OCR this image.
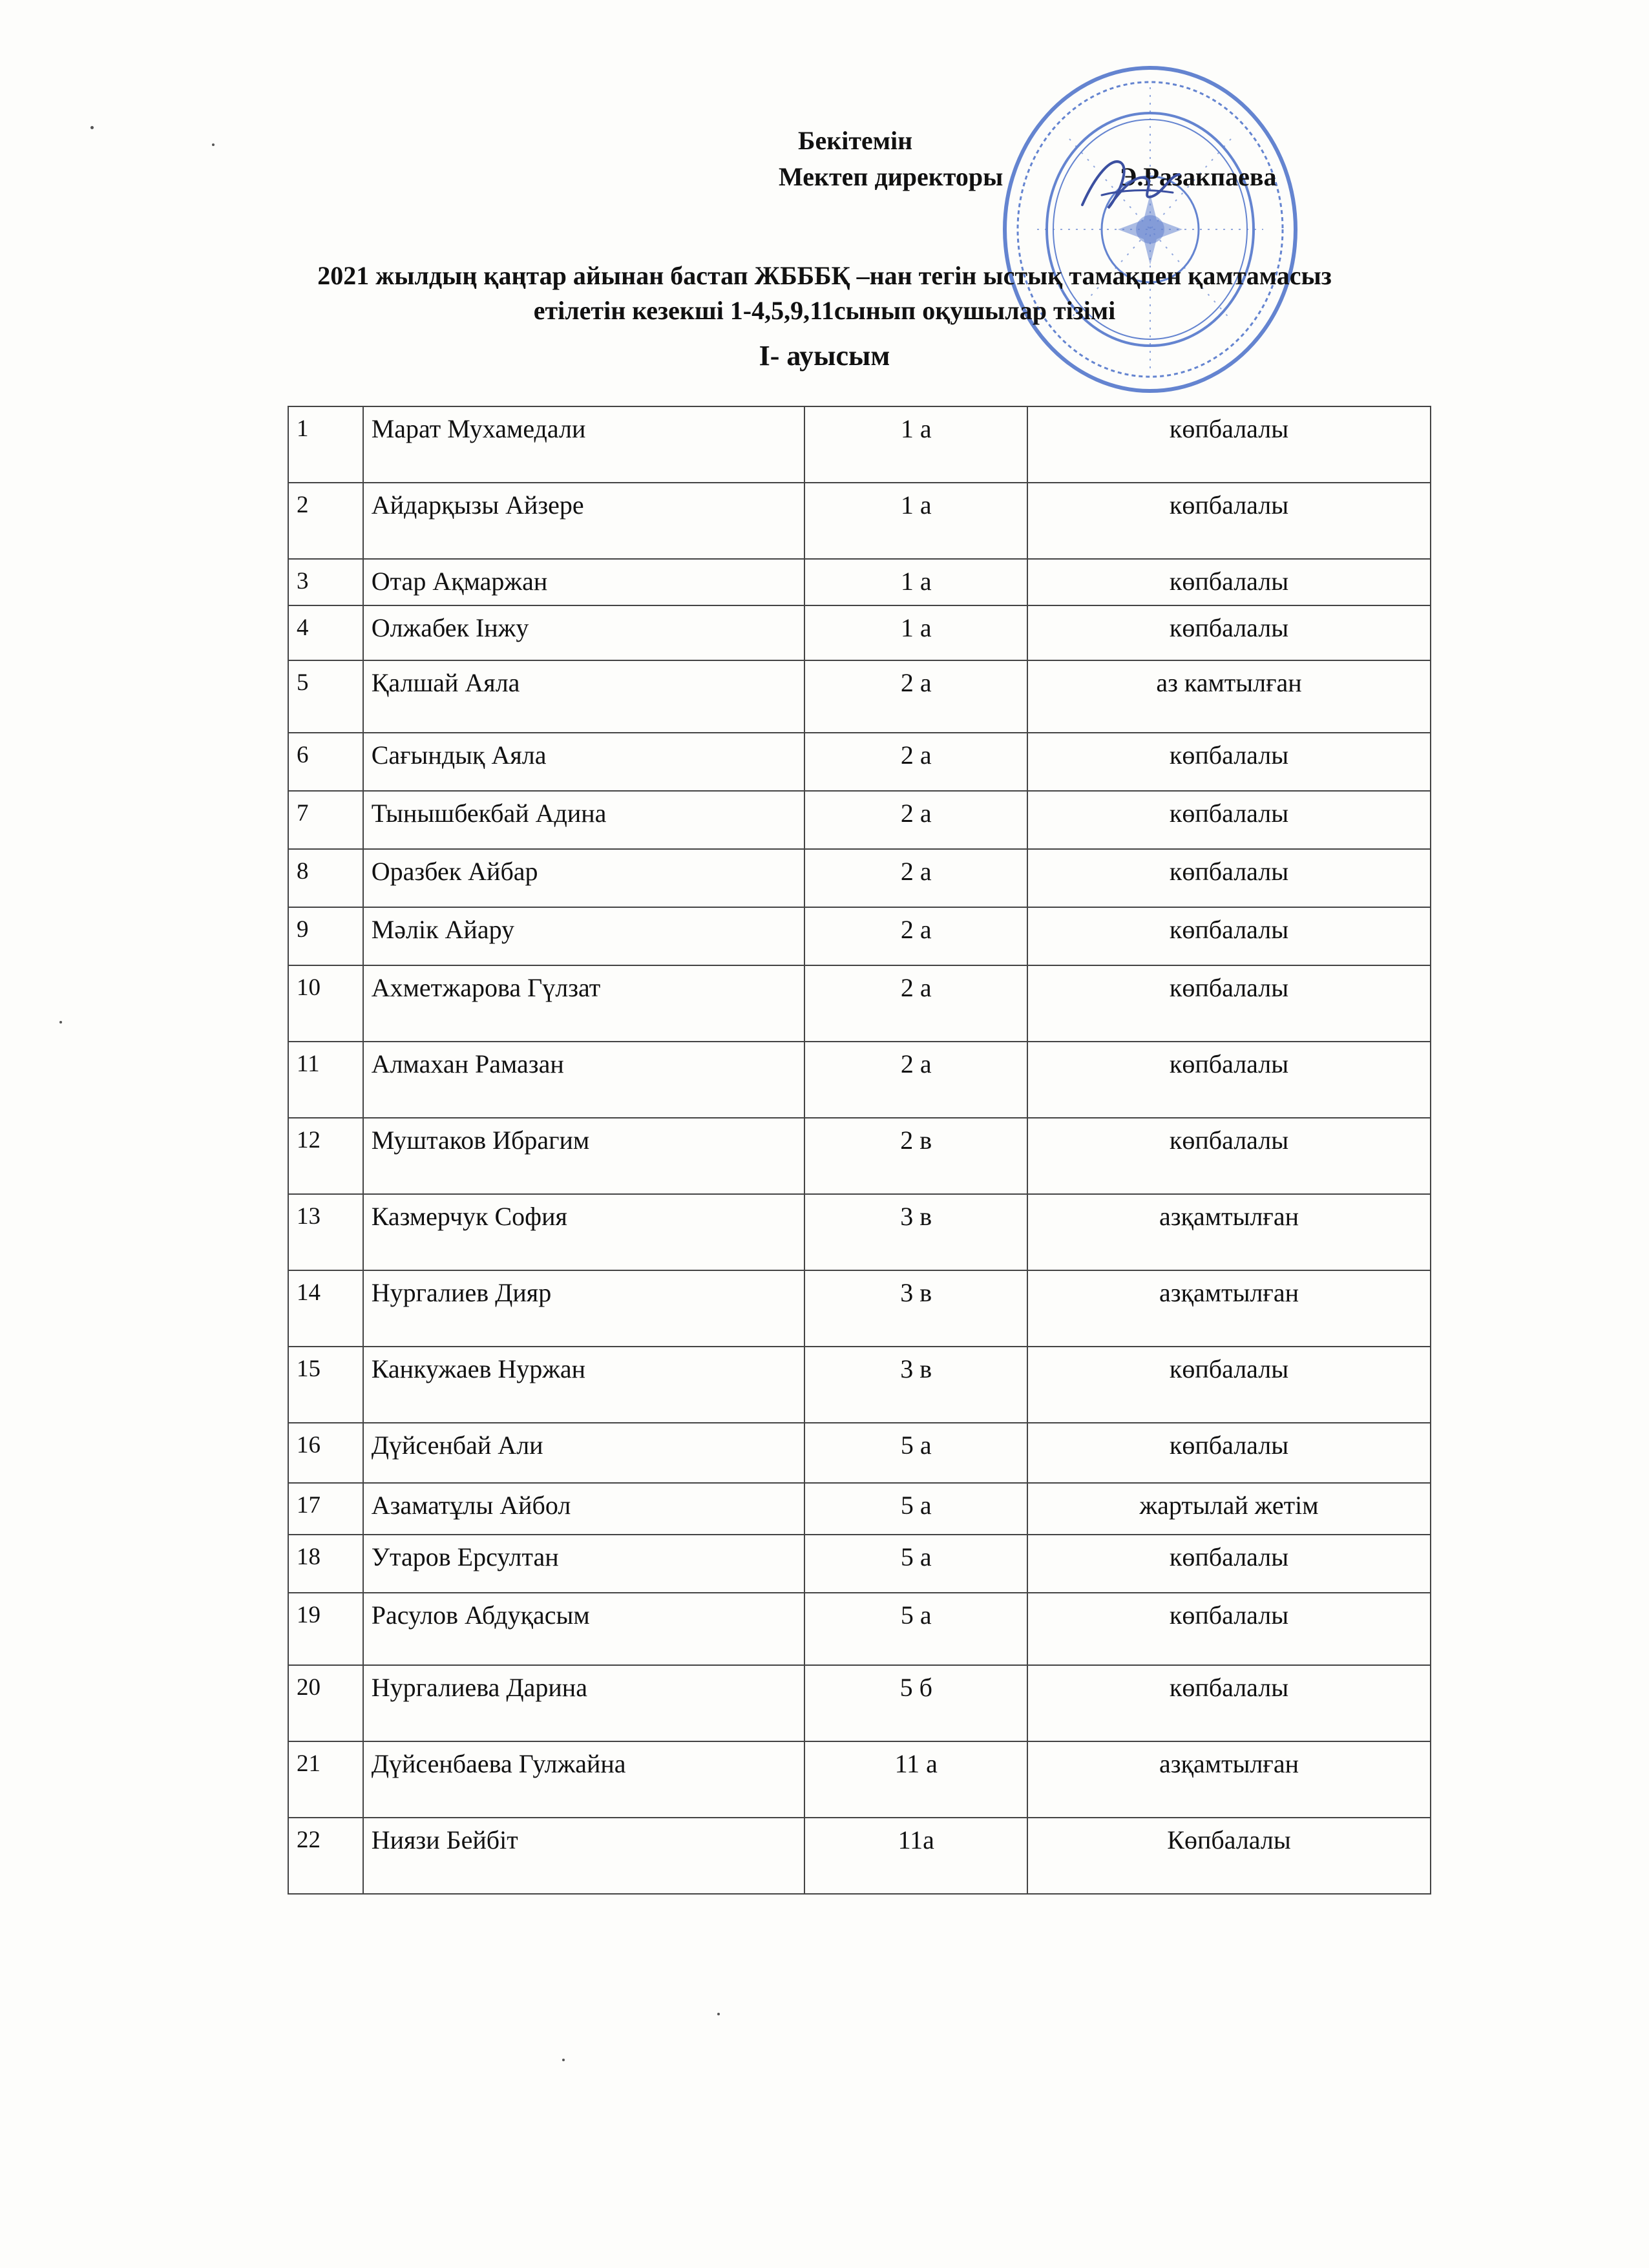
Бекітемін
Мектеп директоры	Э.Разакпаева
2021 жылдың қаңтар айынан бастап ЖБББҚ –нан тегін ыстық тамақпен қамтамасыз
етілетін кезекші 1-4,5,9,11сынып оқушылар тізімі
І- ауысым
1	Марат Мухамедали	1 а	көпбалалы
2	Айдарқызы Айзере	1 а	көпбалалы
3	Отар Ақмаржан	1 а	көпбалалы
4	Олжабек Інжу	1 а	көпбалалы
5	Қалшай Аяла	2 а	аз камтылған
6	Сағындық Аяла	2 а	көпбалалы
7	Тынышбекбай Адина	2 а	көпбалалы
8	Оразбек Айбар	2 а	көпбалалы
9	Мәлік Айару	2 а	көпбалалы
10	Ахметжарова Гүлзат	2 а	көпбалалы
11	Алмахан Рамазан	2 а	көпбалалы
12	Муштаков Ибрагим	2 в	көпбалалы
13	Казмерчук София	3 в	азқамтылған
14	Нургалиев Дияр	3 в	азқамтылған
15	Канкужаев Нуржан	3 в	көпбалалы
16	Дүйсенбай Али	5 а	көпбалалы
17	Азаматұлы Айбол	5 а	жартылай жетім
18	Утаров Ерсултан	5 а	көпбалалы
19	Расулов Абдуқасым	5 а	көпбалалы
20	Нургалиева Дарина	5 б	көпбалалы
21	Дүйсенбаева Гулжайна	11 а	азқамтылған
22	Ниязи Бейбіт	11а	Көпбалалы
